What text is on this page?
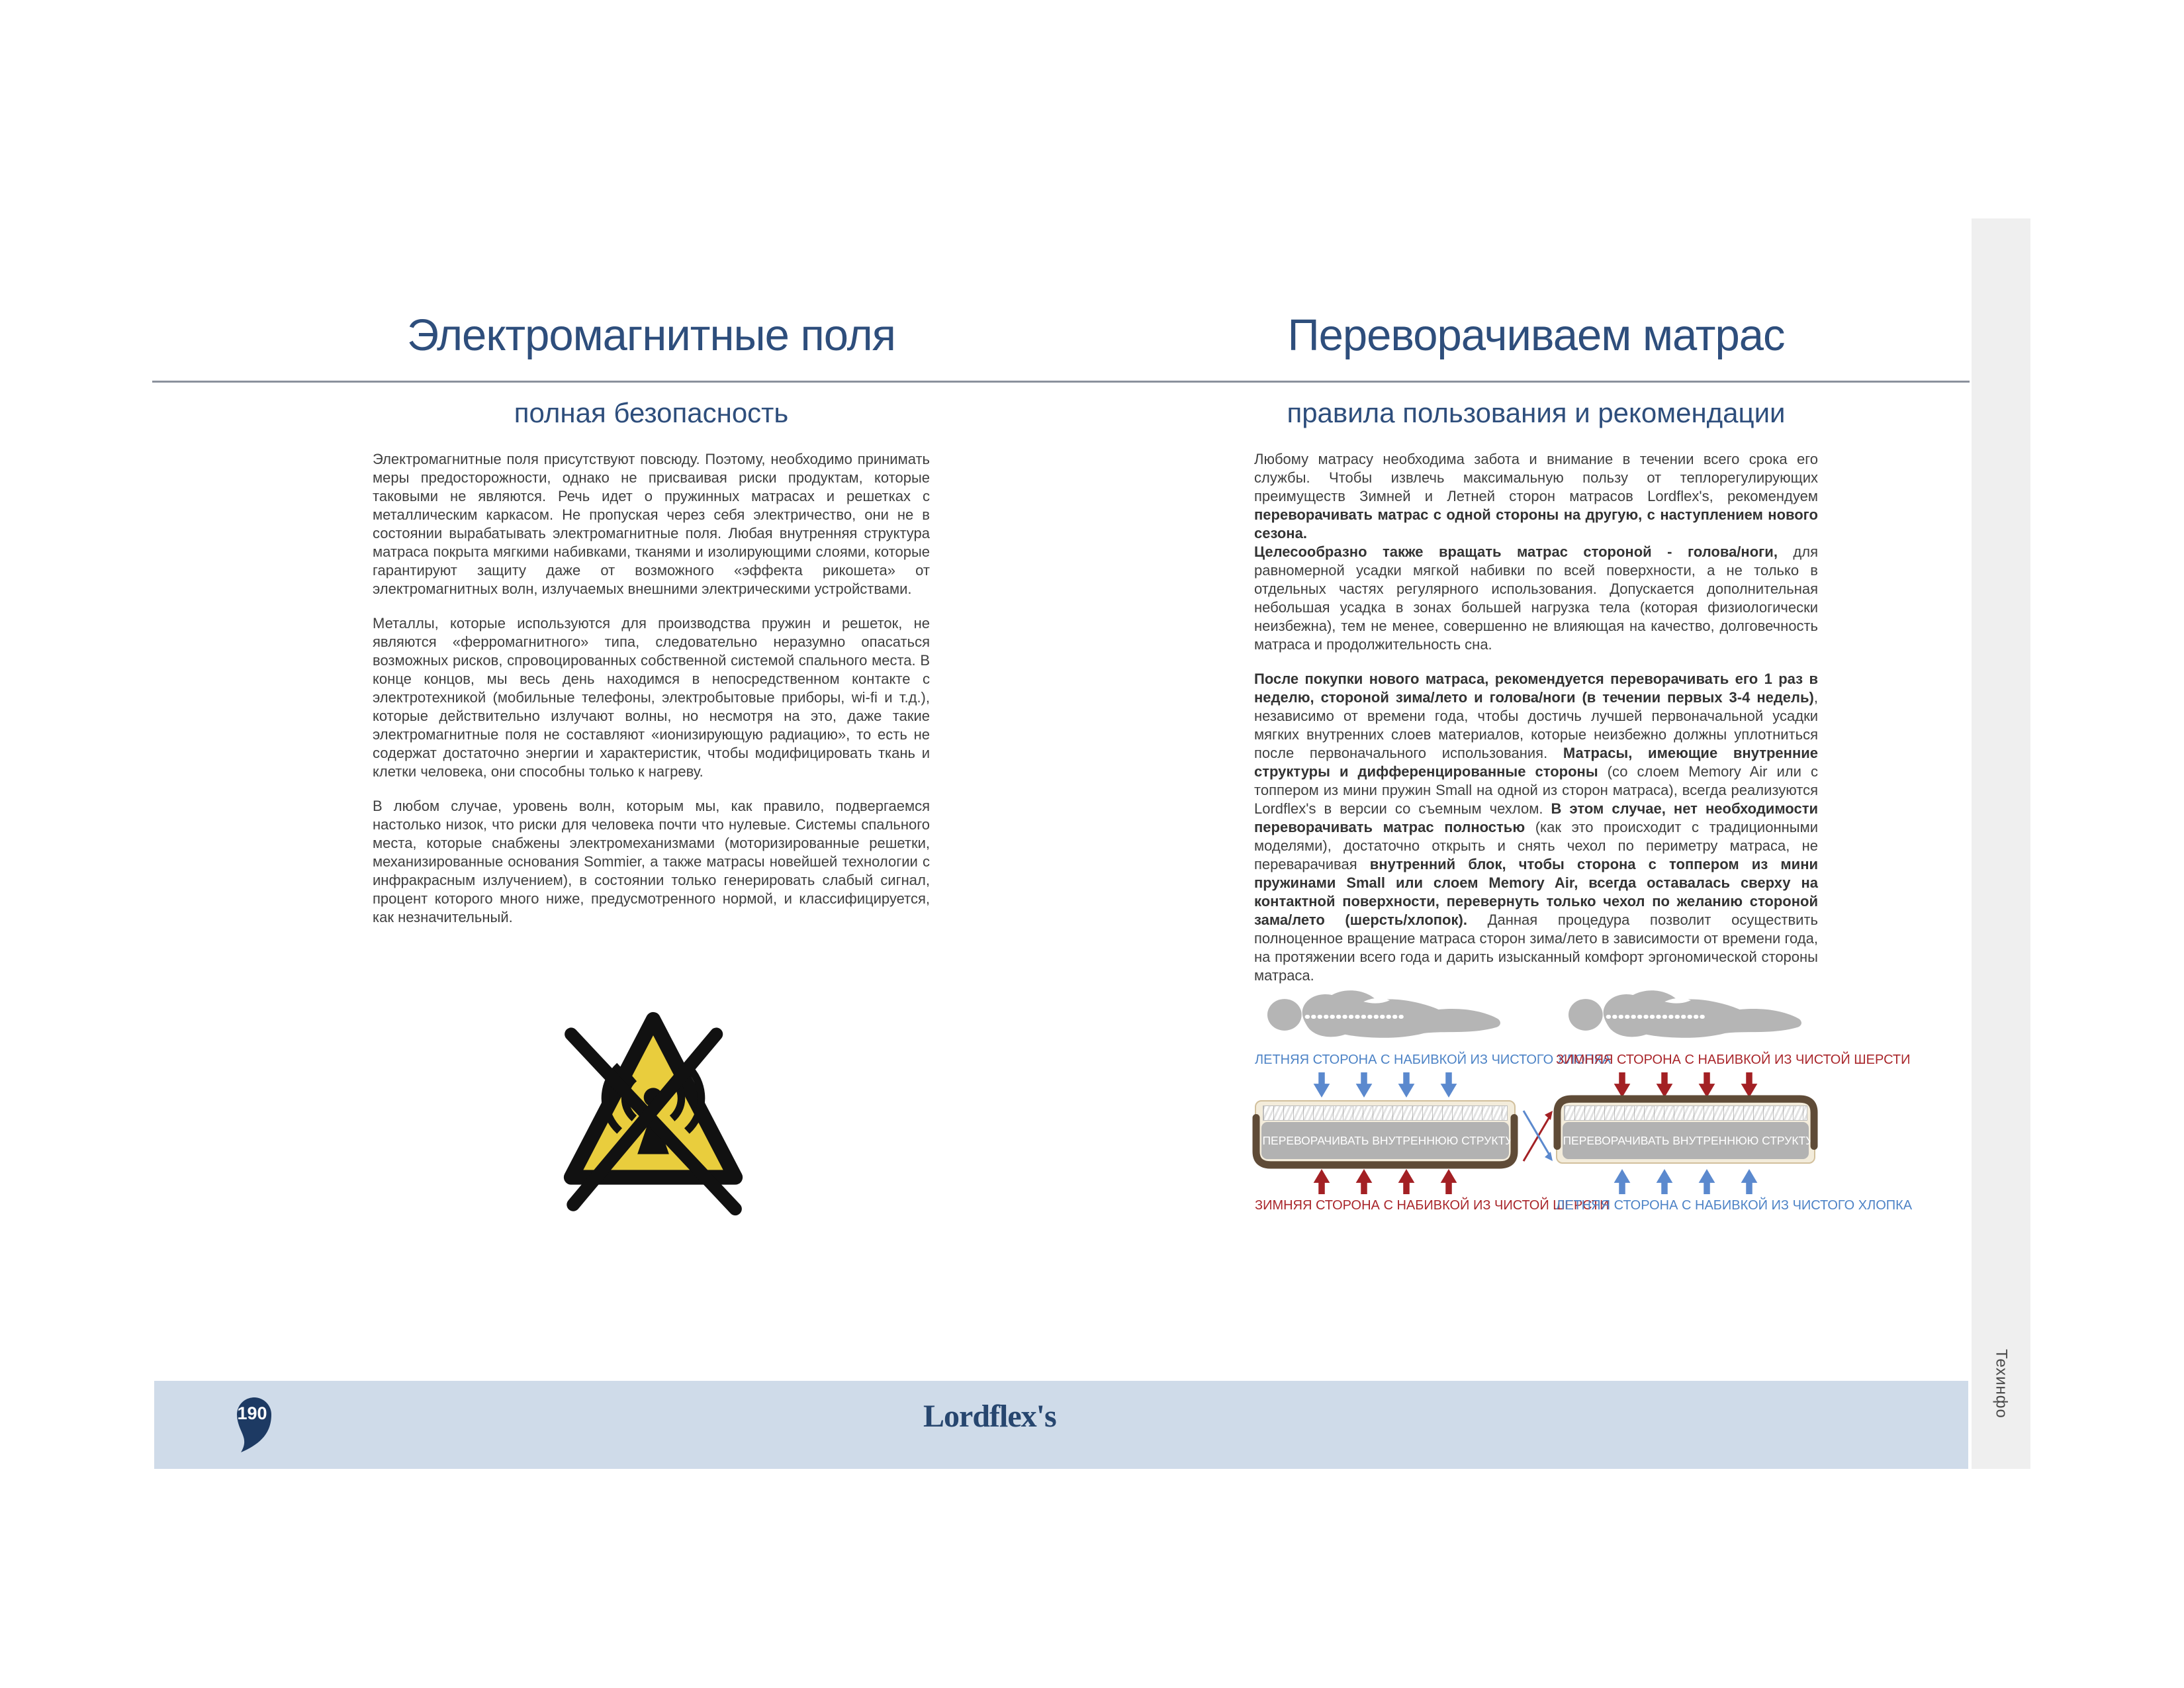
Техинфо
Электромагнитные поля	Переворачиваем матрас
полная безопасность	правила пользования и рекомендации

Электромагнитные поля присутствуют повсюду. Поэтому, необходимо принимать меры предосторожности, однако не присваивая риски продуктам, которые таковыми не являются. Речь идет о пружинных матрасах и решетках с металлическим каркасом. Не пропуская через себя электричество, они не в состоянии вырабатывать электромагнитные поля. Любая внутренняя структура матраса покрыта мягкими набивками, тканями и изолирующими слоями, которые гарантируют защиту даже от возможного «эффекта рикошета» от электромагнитных волн, излучаемых внешними электрическими устройствами.

Металлы, которые используются для производства пружин и решеток, не являются «ферромагнитного» типа, следовательно неразумно опасаться возможных рисков, спровоцированных собственной системой спального места. В конце концов, мы весь день находимся в непосредственном контакте с электротехникой (мобильные телефоны, электробытовые приборы, wi-fi и т.д.), которые действительно излучают волны, но несмотря на это, даже такие электромагнитные поля не составляют «ионизирующую радиацию», то есть не содержат достаточно энергии и характеристик, чтобы модифицировать ткань и клетки человека, они способны только к нагреву.

В любом случае, уровень волн, которым мы, как правило, подвергаемся настолько низок, что риски для человека почти что нулевые. Системы спального места, которые снабжены электромеханизмами (моторизированные решетки, механизированные основания Sommier, а также матрасы новейшей технологии с инфракрасным излучением), в состоянии только генерировать слабый сигнал, процент которого много ниже, предусмотренного нормой, и классифицируется, как незначительный.

Любому матрасу необходима забота и внимание в течении всего срока его службы. Чтобы извлечь максимальную пользу от теплорегулирующих преимуществ Зимней и Летней сторон матрасов Lordflex's, рекомендуем переворачивать матрас с одной стороны на другую, с наступлением нового сезона.
Целесообразно также вращать матрас стороной - голова/ноги, для равномерной усадки мягкой набивки по всей поверхности, а не только в отдельных частях регулярного использования. Допускается дополнительная небольшая усадка в зонах большей нагрузка тела (которая физиологически неизбежна), тем не менее, совершенно не влияющая на качество, долговечность матраса и продолжительность сна.

После покупки нового матраса, рекомендуется переворачивать его 1 раз в неделю, стороной зима/лето и голова/ноги (в течении первых 3-4 недель), независимо от времени года, чтобы достичь лучшей первоначальной усадки мягких внутренних слоев материалов, которые неизбежно должны уплотниться после первоначального использования. Матрасы, имеющие внутренние структуры и дифференцированные стороны (со слоем Memory Air или с топпером из мини пружин Small на одной из сторон матраса), всегда реализуются Lordflex's в версии со съемным чехлом. В этом случае, нет необходимости переворачивать матрас полностью (как это происходит с традиционными моделями), достаточно открыть и снять чехол по периметру матраса, не переварачивая внутренний блок, чтобы сторона с топпером из мини пружинами Small или слоем Memory Air, всегда оставалась сверху на контактной поверхности, перевернуть только чехол по желанию стороной зама/лето (шерсть/хлопок). Данная процедура позволит осуществить полноценное вращение матраса сторон зима/лето в зависимости от времени года, на протяжении всего года и дарить изысканный комфорт эргономической стороны матраса.

ЛЕТНЯЯ СТОРОНА С НАБИВКОЙ ИЗ ЧИСТОГО ХЛОПКА
НЕ ПЕРЕВОРАЧИВАТЬ ВНУТРЕННЮЮ СТРУКТУРУ
ЗИМНЯЯ СТОРОНА С НАБИВКОЙ ИЗ ЧИСТОЙ ШЕРСТИ
ЗИМНЯЯ СТОРОНА С НАБИВКОЙ ИЗ ЧИСТОЙ ШЕРСТИ
НЕ ПЕРЕВОРАЧИВАТЬ ВНУТРЕННЮЮ СТРУКТУРУ
ЛЕТНЯЯ СТОРОНА С НАБИВКОЙ ИЗ ЧИСТОГО ХЛОПКА
190	Lordflex's
